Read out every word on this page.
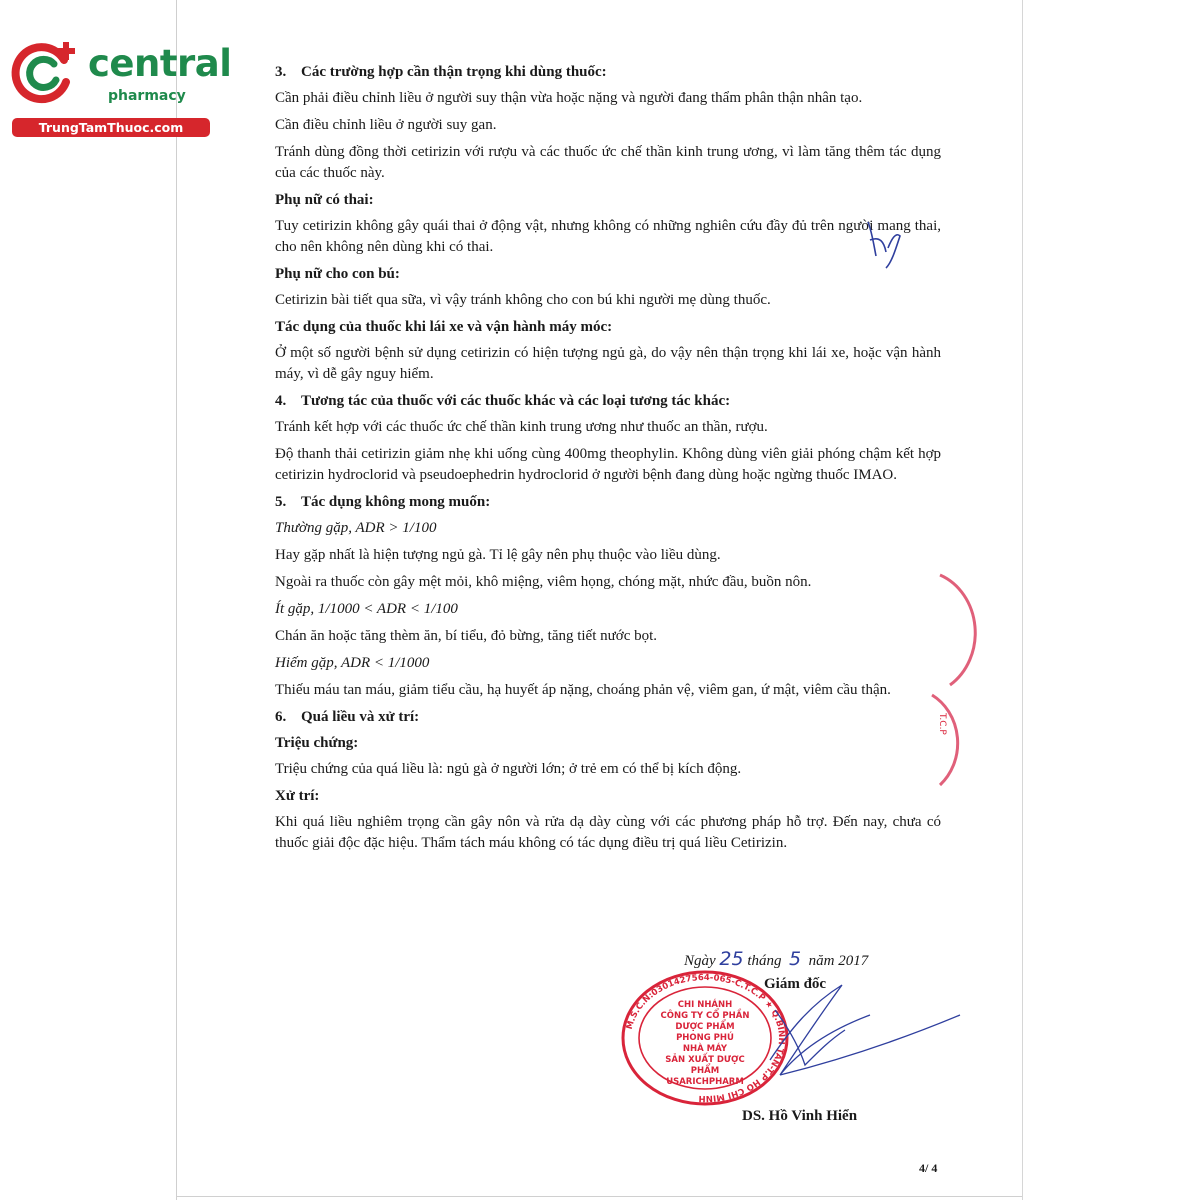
central
pharmacy
TrungTamThuoc.com

3. Các trường hợp cần thận trọng khi dùng thuốc:

Cần phải điều chỉnh liều ở người suy thận vừa hoặc nặng và người đang thẩm phân thận nhân tạo.

Cần điều chỉnh liều ở người suy gan.

Tránh dùng đồng thời cetirizin với rượu và các thuốc ức chế thần kinh trung ương, vì làm tăng thêm tác dụng của các thuốc này.

Phụ nữ có thai:

Tuy cetirizin không gây quái thai ở động vật, nhưng không có những nghiên cứu đầy đủ trên người mang thai, cho nên không nên dùng khi có thai.

Phụ nữ cho con bú:

Cetirizin bài tiết qua sữa, vì vậy tránh không cho con bú khi người mẹ dùng thuốc.

Tác dụng của thuốc khi lái xe và vận hành máy móc:

Ở một số người bệnh sử dụng cetirizin có hiện tượng ngủ gà, do vậy nên thận trọng khi lái xe, hoặc vận hành máy, vì dễ gây nguy hiểm.

4. Tương tác của thuốc với các thuốc khác và các loại tương tác khác:

Tránh kết hợp với các thuốc ức chế thần kinh trung ương như thuốc an thần, rượu.

Độ thanh thải cetirizin giảm nhẹ khi uống cùng 400mg theophylin. Không dùng viên giải phóng chậm kết hợp cetirizin hydroclorid và pseudoephedrin hydroclorid ở người bệnh đang dùng hoặc ngừng thuốc IMAO.

5. Tác dụng không mong muốn:

Thường gặp, ADR > 1/100

Hay gặp nhất là hiện tượng ngủ gà. Tỉ lệ gây nên phụ thuộc vào liều dùng.

Ngoài ra thuốc còn gây mệt mỏi, khô miệng, viêm họng, chóng mặt, nhức đầu, buồn nôn.

Ít gặp, 1/1000 < ADR < 1/100

Chán ăn hoặc tăng thèm ăn, bí tiểu, đỏ bừng, tăng tiết nước bọt.

Hiếm gặp, ADR < 1/1000

Thiếu máu tan máu, giảm tiểu cầu, hạ huyết áp nặng, choáng phản vệ, viêm gan, ứ mật, viêm cầu thận.

6. Quá liều và xử trí:

Triệu chứng:

Triệu chứng của quá liều là: ngủ gà ở người lớn; ở trẻ em có thể bị kích động.

Xử trí:

Khi quá liều nghiêm trọng cần gây nôn và rửa dạ dày cùng với các phương pháp hỗ trợ. Đến nay, chưa có thuốc giải độc đặc hiệu. Thẩm tách máu không có tác dụng điều trị quá liều Cetirizin.

Ngày 25 tháng 5 năm 2017
Giám đốc
M.S.C.N:0301427564-065-C.T.C.P ★ Q.BÌNH TÂN-T.P HỒ CHÍ MINH
CHI NHÁNH
CÔNG TY CỔ PHẦN
DƯỢC PHẨM
PHONG PHÚ
NHÀ MÁY
SẢN XUẤT DƯỢC PHẨM
USARICHPHARM
T.C.P
DS. Hồ Vinh Hiển
4/ 4
